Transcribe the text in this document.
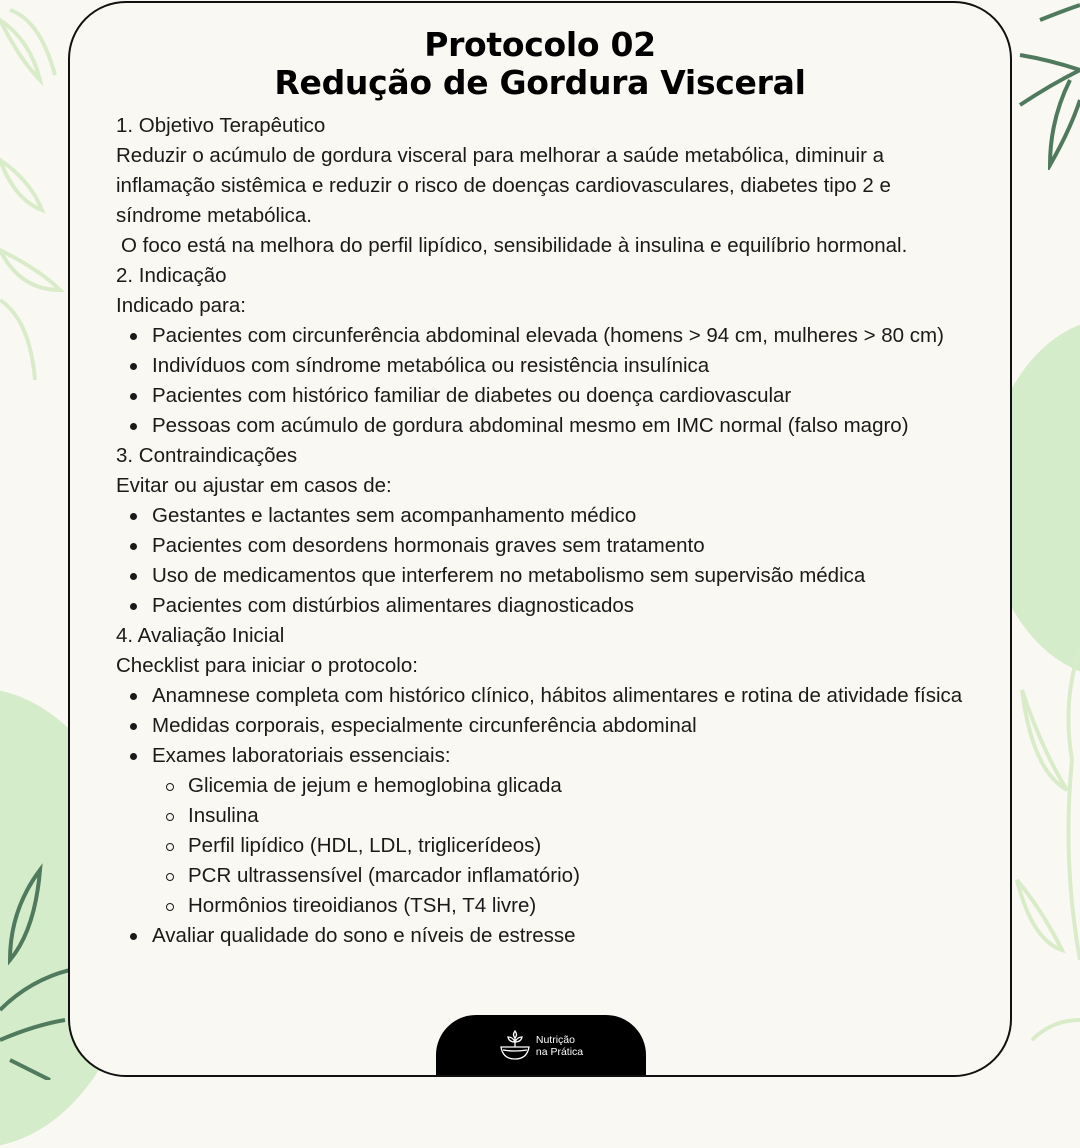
Protocolo 02
Redução de Gordura Visceral

1. Objetivo Terapêutico

Reduzir o acúmulo de gordura visceral para melhorar a saúde metabólica, diminuir a inflamação sistêmica e reduzir o risco de doenças cardiovasculares, diabetes tipo 2 e síndrome metabólica.

O foco está na melhora do perfil lipídico, sensibilidade à insulina e equilíbrio hormonal.

2. Indicação

Indicado para:

Pacientes com circunferência abdominal elevada (homens > 94 cm, mulheres > 80 cm)
Indivíduos com síndrome metabólica ou resistência insulínica
Pacientes com histórico familiar de diabetes ou doença cardiovascular
Pessoas com acúmulo de gordura abdominal mesmo em IMC normal (falso magro)

3. Contraindicações

Evitar ou ajustar em casos de:

Gestantes e lactantes sem acompanhamento médico
Pacientes com desordens hormonais graves sem tratamento
Uso de medicamentos que interferem no metabolismo sem supervisão médica
Pacientes com distúrbios alimentares diagnosticados

4. Avaliação Inicial

Checklist para iniciar o protocolo:

Anamnese completa com histórico clínico, hábitos alimentares e rotina de atividade física
Medidas corporais, especialmente circunferência abdominal
Exames laboratoriais essenciais:
Glicemia de jejum e hemoglobina glicada
Insulina
Perfil lipídico (HDL, LDL, triglicerídeos)
PCR ultrassensível (marcador inflamatório)
Hormônios tireoidianos (TSH, T4 livre)
Avaliar qualidade do sono e níveis de estresse
Nutrição
na Prática
